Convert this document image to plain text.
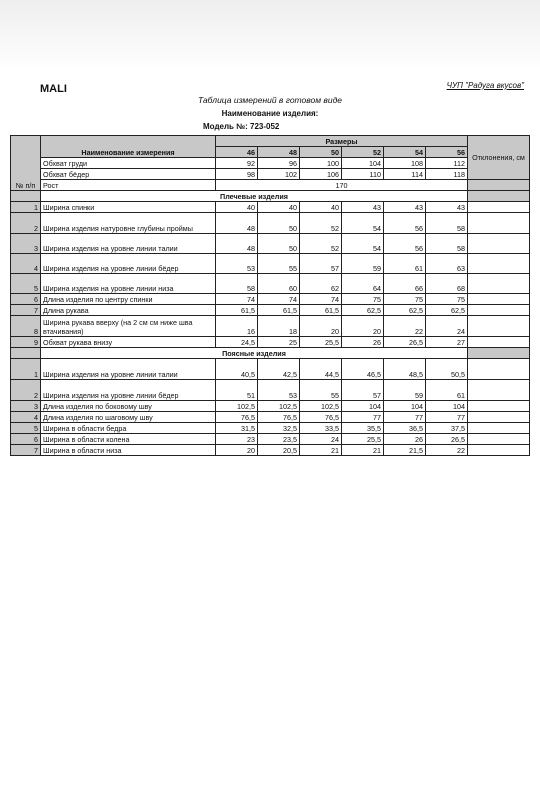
MALI	ЧУП "Радуга вкусов"
Таблица измерений в готовом виде
Наименование изделия:
Модель №: 723-052
№ п/п	Наименование измерения	Размеры						Отклонения, см
		46	48	50	52	54	56	
	Обхват груди	92	96	100	104	108	112	
	Обхват бёдер	98	102	106	110	114	118	
	Рост	170						
	Плечевые изделия							
1	Ширина спинки	40	40	40	43	43	43	
2	Ширина изделия натуровне глубины проймы	48	50	52	54	56	58	
3	Ширина изделия на уровне линии талии	48	50	52	54	56	58	
4	Ширина изделия на уровне линии бёдер	53	55	57	59	61	63	
5	Ширина изделия на уровне линии низа	58	60	62	64	66	68	
6	Длина изделия по центру спинки	74	74	74	75	75	75	
7	Длина рукава	61,5	61,5	61,5	62,5	62,5	62,5	
8	Ширина рукава вверху (на 2 см см ниже шва втачивания)	16	18	20	20	22	24	
9	Обхват рукава внизу	24,5	25	25,5	26	26,5	27	
	Поясные изделия							
1	Ширина изделия на уровне линии талии	40,5	42,5	44,5	46,5	48,5	50,5	
2	Ширина изделия на уровне линии бёдер	51	53	55	57	59	61	
3	Длина изделия по боковому шву	102,5	102,5	102,5	104	104	104	
4	Длина изделия по шаговому шву	76,5	76,5	76,5	77	77	77	
5	Ширина в области бедра	31,5	32,5	33,5	35,5	36,5	37,5	
6	Ширина в области колена	23	23,5	24	25,5	26	26,5	
7	Ширина в области низа	20	20,5	21	21	21,5	22	
